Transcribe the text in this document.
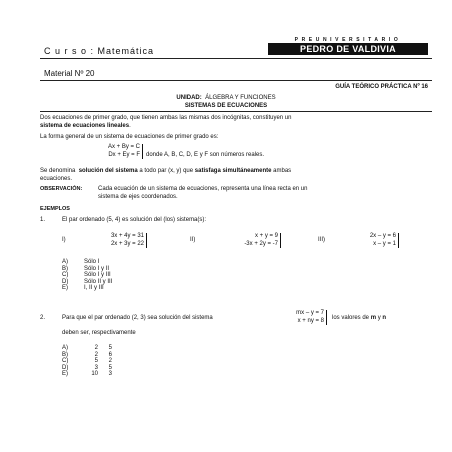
C u r s o : Matemática
PREUNIVERSITARIO
PEDRO DE VALDIVIA
Material Nº 20
GUÍA TEÓRICO PRÁCTICA Nº 16
UNIDAD: ÁLGEBRA Y FUNCIONES
SISTEMAS DE ECUACIONES
Dos ecuaciones de primer grado, que tienen ambas las mismas dos incógnitas, constituyen un
sistema de ecuaciones lineales.
La forma general de un sistema de ecuaciones de primer grado es:
Ax + By = C
Dx + Ey = F donde A, B, C, D, E y F son números reales.
Se denomina solución del sistema a todo par (x, y) que satisfaga simultáneamente ambas
ecuaciones.
OBSERVACIÓN:	Cada ecuación de un sistema de ecuaciones, representa una línea recta en un
sistema de ejes coordenados.
EJEMPLOS
1.	El par ordenado (5, 4) es solución del (los) sistema(s):
I)
3x + 4y = 31
2x + 3y = 22
II)
x + y = 9
-3x + 2y = -7
III)
2x – y = 6
x – y = 1
A)	Sólo I
B)	Sólo I y II
C)	Sólo I y III
D)	Sólo II y III
E)	I, II y III
2.	Para que el par ordenado (2, 3) sea solución del sistema
mx – y = 7
x + ny = 8 los valores de m y n
deben ser, respectivamente
A)	2 5
B)	2 6
C)	5 2
D)	3 5
E)	10 3
